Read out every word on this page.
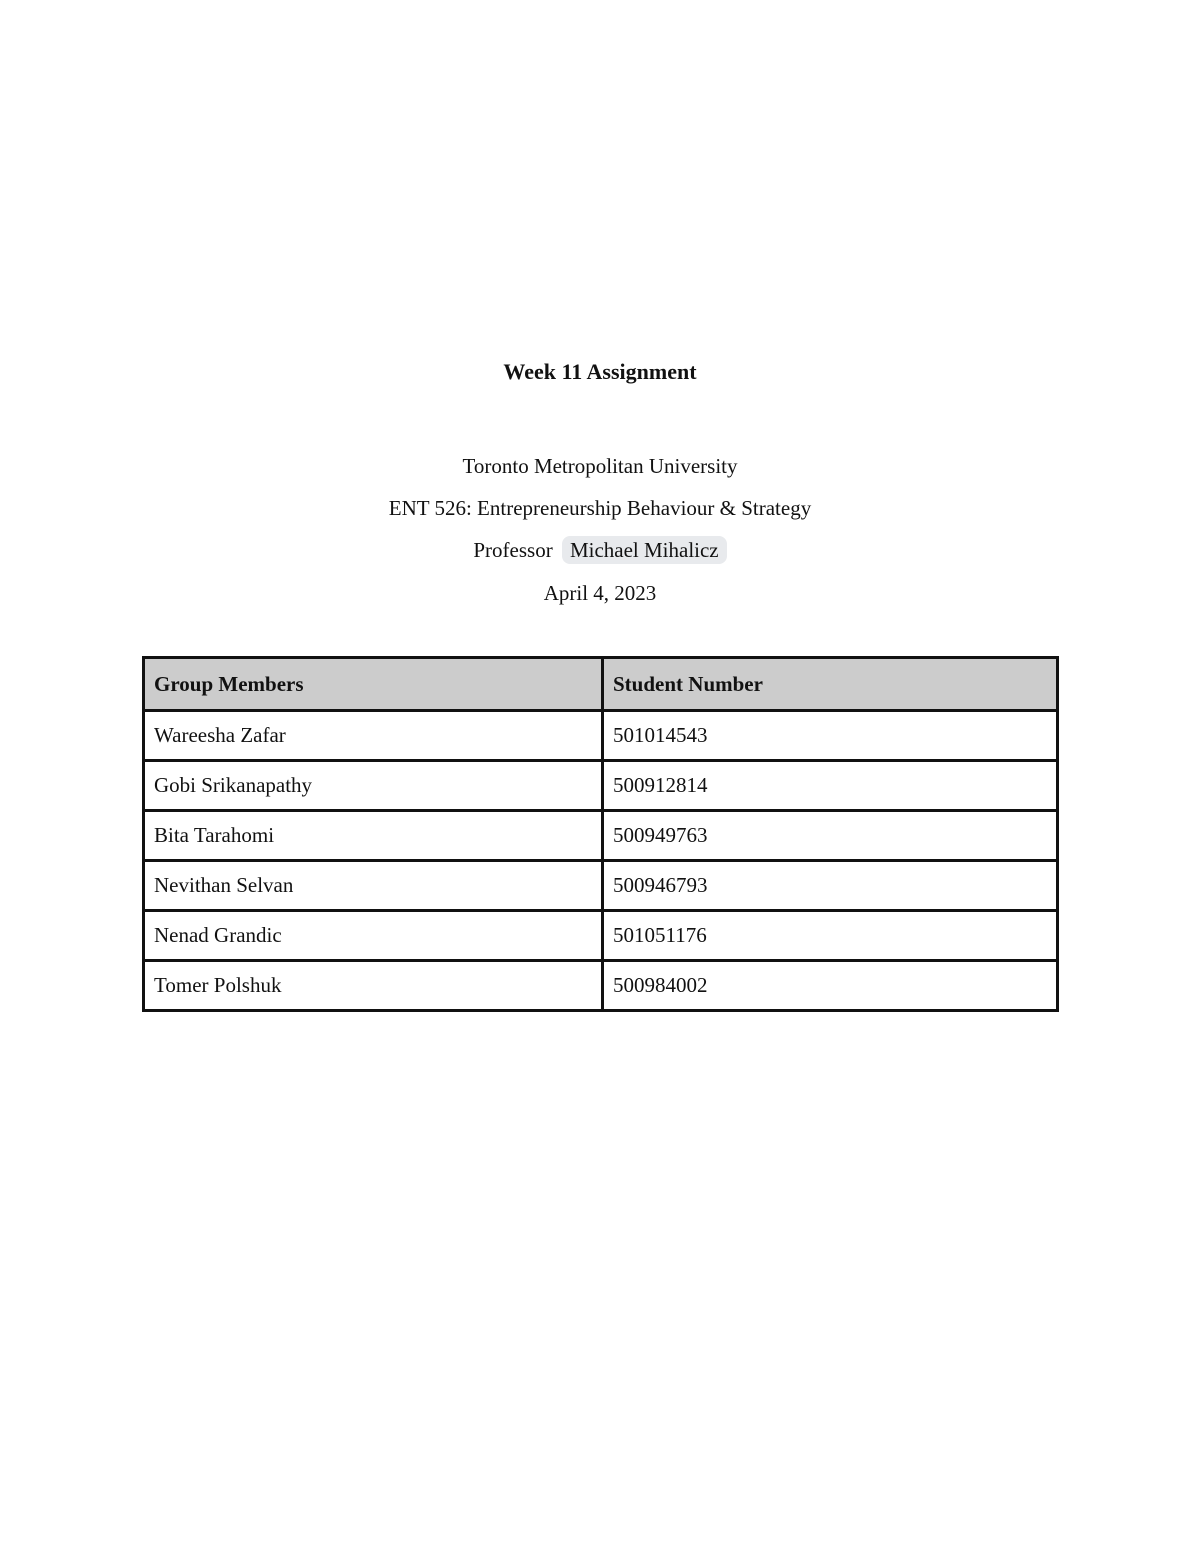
Week 11 Assignment
Toronto Metropolitan University
ENT 526: Entrepreneurship Behaviour & Strategy
Professor Michael Mihalicz
April 4, 2023
Group Members	Student Number
Wareesha Zafar	501014543
Gobi Srikanapathy	500912814
Bita Tarahomi	500949763
Nevithan Selvan	500946793
Nenad Grandic	501051176
Tomer Polshuk	500984002
